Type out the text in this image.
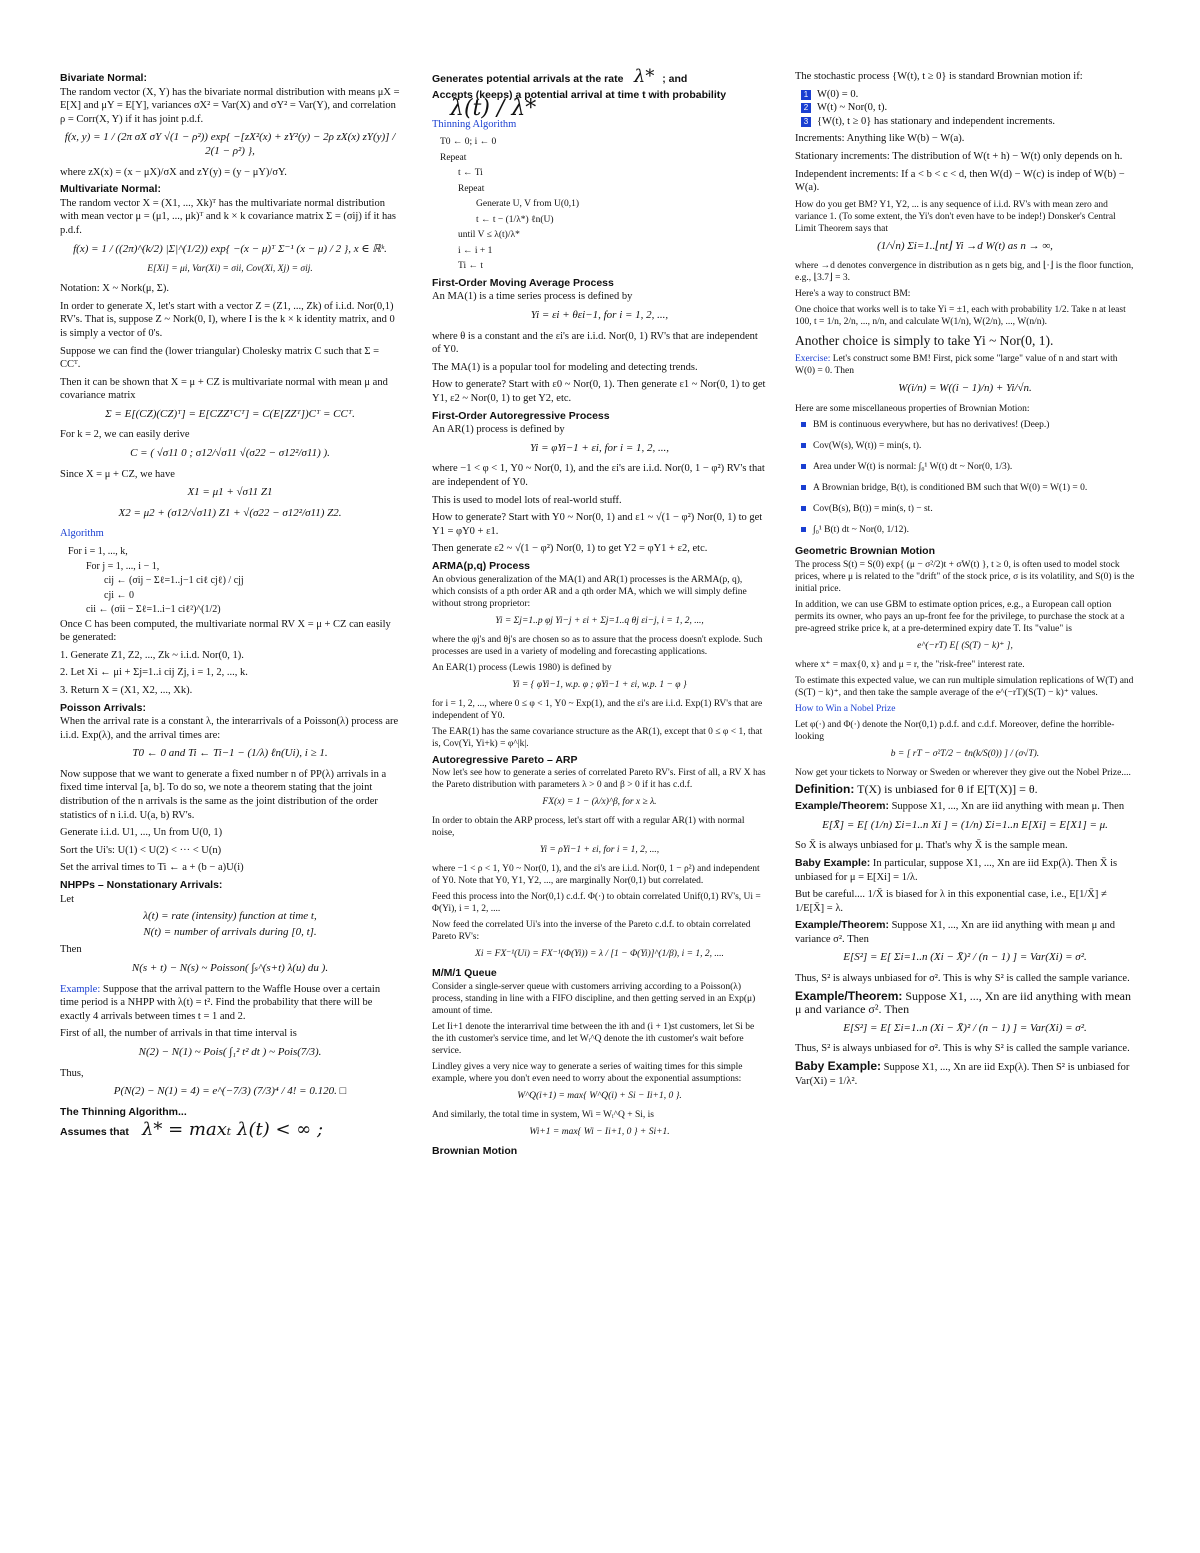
Bivariate Normal:

The random vector (X, Y) has the bivariate normal distribution with means μX = E[X] and μY = E[Y], variances σX² = Var(X) and σY² = Var(Y), and correlation ρ = Corr(X, Y) if it has joint p.d.f.

f(x, y) = 1 / (2π σX σY √(1 − ρ²)) exp{ −[zX²(x) + zY²(y) − 2ρ zX(x) zY(y)] / 2(1 − ρ²) },

where zX(x) = (x − μX)/σX and zY(y) = (y − μY)/σY.

Multivariate Normal:

The random vector X = (X1, ..., Xk)ᵀ has the multivariate normal distribution with mean vector μ = (μ1, ..., μk)ᵀ and k × k covariance matrix Σ = (σij) if it has p.d.f.

f(x) = 1 / ((2π)^(k/2) |Σ|^(1/2)) exp{ −(x − μ)ᵀ Σ⁻¹ (x − μ) / 2 }, x ∈ ℝᵏ.
E[Xi] = μi, Var(Xi) = σii, Cov(Xi, Xj) = σij.

Notation: X ~ Nork(μ, Σ).

In order to generate X, let's start with a vector Z = (Z1, ..., Zk) of i.i.d. Nor(0,1) RV's. That is, suppose Z ~ Nork(0, I), where I is the k × k identity matrix, and 0 is simply a vector of 0's.

Suppose we can find the (lower triangular) Cholesky matrix C such that Σ = CCᵀ.

Then it can be shown that X = μ + CZ is multivariate normal with mean μ and covariance matrix

Σ = E[(CZ)(CZ)ᵀ] = E[CZZᵀCᵀ] = C(E[ZZᵀ])Cᵀ = CCᵀ.

For k = 2, we can easily derive

C = ( √σ11 0 ; σ12/√σ11 √(σ22 − σ12²/σ11) ).

Since X = μ + CZ, we have

X1 = μ1 + √σ11 Z1
X2 = μ2 + (σ12/√σ11) Z1 + √(σ22 − σ12²/σ11) Z2.

Algorithm

For i = 1, ..., k,
For j = 1, ..., i − 1,
cij ← (σij − Σℓ=1..j−1 ciℓ cjℓ) / cjj
cji ← 0
cii ← (σii − Σℓ=1..i−1 ciℓ²)^(1/2)

Once C has been computed, the multivariate normal RV X = μ + CZ can easily be generated:

1. Generate Z1, Z2, ..., Zk ~ i.i.d. Nor(0, 1).

2. Let Xi ← μi + Σj=1..i cij Zj, i = 1, 2, ..., k.

3. Return X = (X1, X2, ..., Xk).

Poisson Arrivals:

When the arrival rate is a constant λ, the interarrivals of a Poisson(λ) process are i.i.d. Exp(λ), and the arrival times are:

T0 ← 0 and Ti ← Ti−1 − (1/λ) ℓn(Ui), i ≥ 1.

Now suppose that we want to generate a fixed number n of PP(λ) arrivals in a fixed time interval [a, b]. To do so, we note a theorem stating that the joint distribution of the n arrivals is the same as the joint distribution of the order statistics of n i.i.d. U(a, b) RV's.

Generate i.i.d. U1, ..., Un from U(0, 1)

Sort the Ui's: U(1) < U(2) < ··· < U(n)

Set the arrival times to Ti ← a + (b − a)U(i)

NHPPs – Nonstationary Arrivals:

Let

λ(t) = rate (intensity) function at time t,
N(t) = number of arrivals during [0, t].

Then

N(s + t) − N(s) ~ Poisson( ∫ₛ^(s+t) λ(u) du ).

Example: Suppose that the arrival pattern to the Waffle House over a certain time period is a NHPP with λ(t) = t². Find the probability that there will be exactly 4 arrivals between times t = 1 and 2.

First of all, the number of arrivals in that time interval is

N(2) − N(1) ~ Pois( ∫₁² t² dt ) ~ Pois(7/3).

Thus,

P(N(2) − N(1) = 4) = e^(−7/3) (7/3)⁴ / 4! = 0.120. □
The Thinning Algorithm...
Assumes that λ* = maxₜ λ(t) < ∞ ;
Generates potential arrivals at the rate λ* ; and
Accepts (keeps) a potential arrival at time t with probability
λ(t) / λ*

Thinning Algorithm

T0 ← 0; i ← 0
Repeat
t ← Ti
Repeat
Generate U, V from U(0,1)
t ← t − (1/λ*) ℓn(U)
until V ≤ λ(t)/λ*
i ← i + 1
Ti ← t
First-Order Moving Average Process

An MA(1) is a time series process is defined by

Yi = εi + θεi−1, for i = 1, 2, ...,

where θ is a constant and the εi's are i.i.d. Nor(0, 1) RV's that are independent of Y0.

The MA(1) is a popular tool for modeling and detecting trends.

How to generate? Start with ε0 ~ Nor(0, 1). Then generate ε1 ~ Nor(0, 1) to get Y1, ε2 ~ Nor(0, 1) to get Y2, etc.

First-Order Autoregressive Process

An AR(1) process is defined by

Yi = φYi−1 + εi, for i = 1, 2, ...,

where −1 < φ < 1, Y0 ~ Nor(0, 1), and the εi's are i.i.d. Nor(0, 1 − φ²) RV's that are independent of Y0.

This is used to model lots of real-world stuff.

How to generate? Start with Y0 ~ Nor(0, 1) and ε1 ~ √(1 − φ²) Nor(0, 1) to get Y1 = φY0 + ε1.

Then generate ε2 ~ √(1 − φ²) Nor(0, 1) to get Y2 = φY1 + ε2, etc.

ARMA(p,q) Process

An obvious generalization of the MA(1) and AR(1) processes is the ARMA(p, q), which consists of a pth order AR and a qth order MA, which we will simply define without strong proprietor:

Yi = Σj=1..p φj Yi−j + εi + Σj=1..q θj εi−j, i = 1, 2, ...,

where the φj's and θj's are chosen so as to assure that the process doesn't explode. Such processes are used in a variety of modeling and forecasting applications.

An EAR(1) process (Lewis 1980) is defined by

Yi = { φYi−1, w.p. φ ; φYi−1 + εi, w.p. 1 − φ }

for i = 1, 2, ..., where 0 ≤ φ < 1, Y0 ~ Exp(1), and the εi's are i.i.d. Exp(1) RV's that are independent of Y0.

The EAR(1) has the same covariance structure as the AR(1), except that 0 ≤ φ < 1, that is, Cov(Yi, Yi+k) = φ^|k|.

Autoregressive Pareto – ARP

Now let's see how to generate a series of correlated Pareto RV's. First of all, a RV X has the Pareto distribution with parameters λ > 0 and β > 0 if it has c.d.f.

FX(x) = 1 − (λ/x)^β, for x ≥ λ.

In order to obtain the ARP process, let's start off with a regular AR(1) with normal noise,

Yi = ρYi−1 + εi, for i = 1, 2, ...,

where −1 < ρ < 1, Y0 ~ Nor(0, 1), and the εi's are i.i.d. Nor(0, 1 − ρ²) and independent of Y0. Note that Y0, Y1, Y2, ..., are marginally Nor(0,1) but correlated.

Feed this process into the Nor(0,1) c.d.f. Φ(·) to obtain correlated Unif(0,1) RV's, Ui = Φ(Yi), i = 1, 2, ....

Now feed the correlated Ui's into the inverse of the Pareto c.d.f. to obtain correlated Pareto RV's:

Xi = FX⁻¹(Ui) = FX⁻¹(Φ(Yi)) = λ / [1 − Φ(Yi)]^(1/β), i = 1, 2, ....
M/M/1 Queue

Consider a single-server queue with customers arriving according to a Poisson(λ) process, standing in line with a FIFO discipline, and then getting served in an Exp(μ) amount of time.

Let Ii+1 denote the interarrival time between the ith and (i + 1)st customers, let Si be the ith customer's service time, and let Wᵢ^Q denote the ith customer's wait before service.

Lindley gives a very nice way to generate a series of waiting times for this simple example, where you don't even need to worry about the exponential assumptions:

W^Q(i+1) = max{ W^Q(i) + Si − Ii+1, 0 }.

And similarly, the total time in system, Wi = Wᵢ^Q + Si, is

Wi+1 = max{ Wi − Ii+1, 0 } + Si+1.
Brownian Motion

The stochastic process {W(t), t ≥ 0} is standard Brownian motion if:

1 W(0) = 0.
2 W(t) ~ Nor(0, t).
3 {W(t), t ≥ 0} has stationary and independent increments.

Increments: Anything like W(b) − W(a).

Stationary increments: The distribution of W(t + h) − W(t) only depends on h.

Independent increments: If a < b < c < d, then W(d) − W(c) is indep of W(b) − W(a).

How do you get BM? Y1, Y2, ... is any sequence of i.i.d. RV's with mean zero and variance 1. (To some extent, the Yi's don't even have to be indep!) Donsker's Central Limit Theorem says that

(1/√n) Σi=1..⌊nt⌋ Yi →d W(t) as n → ∞,

where →d denotes convergence in distribution as n gets big, and ⌊·⌋ is the floor function, e.g., ⌊3.7⌋ = 3.

Here's a way to construct BM:

One choice that works well is to take Yi = ±1, each with probability 1/2. Take n at least 100, t = 1/n, 2/n, ..., n/n, and calculate W(1/n), W(2/n), ..., W(n/n).

Another choice is simply to take Yi ~ Nor(0, 1).

Exercise: Let's construct some BM! First, pick some "large" value of n and start with W(0) = 0. Then

W(i/n) = W((i − 1)/n) + Yi/√n.

Here are some miscellaneous properties of Brownian Motion:

BM is continuous everywhere, but has no derivatives! (Deep.)
Cov(W(s), W(t)) = min(s, t).
Area under W(t) is normal: ∫₀¹ W(t) dt ~ Nor(0, 1/3).
A Brownian bridge, B(t), is conditioned BM such that W(0) = W(1) = 0.
Cov(B(s), B(t)) = min(s, t) − st.
∫₀¹ B(t) dt ~ Nor(0, 1/12).
Geometric Brownian Motion

The process S(t) = S(0) exp{ (μ − σ²/2)t + σW(t) }, t ≥ 0, is often used to model stock prices, where μ is related to the "drift" of the stock price, σ is its volatility, and S(0) is the initial price.

In addition, we can use GBM to estimate option prices, e.g., a European call option permits its owner, who pays an up-front fee for the privilege, to purchase the stock at a pre-agreed strike price k, at a pre-determined expiry date T. Its "value" is

e^(−rT) E[ (S(T) − k)⁺ ],

where x⁺ = max{0, x} and μ = r, the "risk-free" interest rate.

To estimate this expected value, we can run multiple simulation replications of W(T) and (S(T) − k)⁺, and then take the sample average of the e^(−rT)(S(T) − k)⁺ values.

How to Win a Nobel Prize

Let φ(·) and Φ(·) denote the Nor(0,1) p.d.f. and c.d.f. Moreover, define the horrible-looking

b = [ rT − σ²T/2 − ℓn(k/S(0)) ] / (σ√T).

Now get your tickets to Norway or Sweden or wherever they give out the Nobel Prize....

Definition: T(X) is unbiased for θ if E[T(X)] = θ.

Example/Theorem: Suppose X1, ..., Xn are iid anything with mean μ. Then

E[X̄] = E[ (1/n) Σi=1..n Xi ] = (1/n) Σi=1..n E[Xi] = E[X1] = μ.

So X̄ is always unbiased for μ. That's why X̄ is the sample mean.

Baby Example: In particular, suppose X1, ..., Xn are iid Exp(λ). Then X̄ is unbiased for μ = E[Xi] = 1/λ.

But be careful.... 1/X̄ is biased for λ in this exponential case, i.e., E[1/X̄] ≠ 1/E[X̄] = λ.

Example/Theorem: Suppose X1, ..., Xn are iid anything with mean μ and variance σ². Then

E[S²] = E[ Σi=1..n (Xi − X̄)² / (n − 1) ] = Var(Xi) = σ².

Thus, S² is always unbiased for σ². This is why S² is called the sample variance.

Example/Theorem: Suppose X1, ..., Xn are iid anything with mean μ and variance σ². Then

E[S²] = E[ Σi=1..n (Xi − X̄)² / (n − 1) ] = Var(Xi) = σ².

Thus, S² is always unbiased for σ². This is why S² is called the sample variance.

Baby Example: Suppose X1, ..., Xn are iid Exp(λ). Then S² is unbiased for Var(Xi) = 1/λ².
